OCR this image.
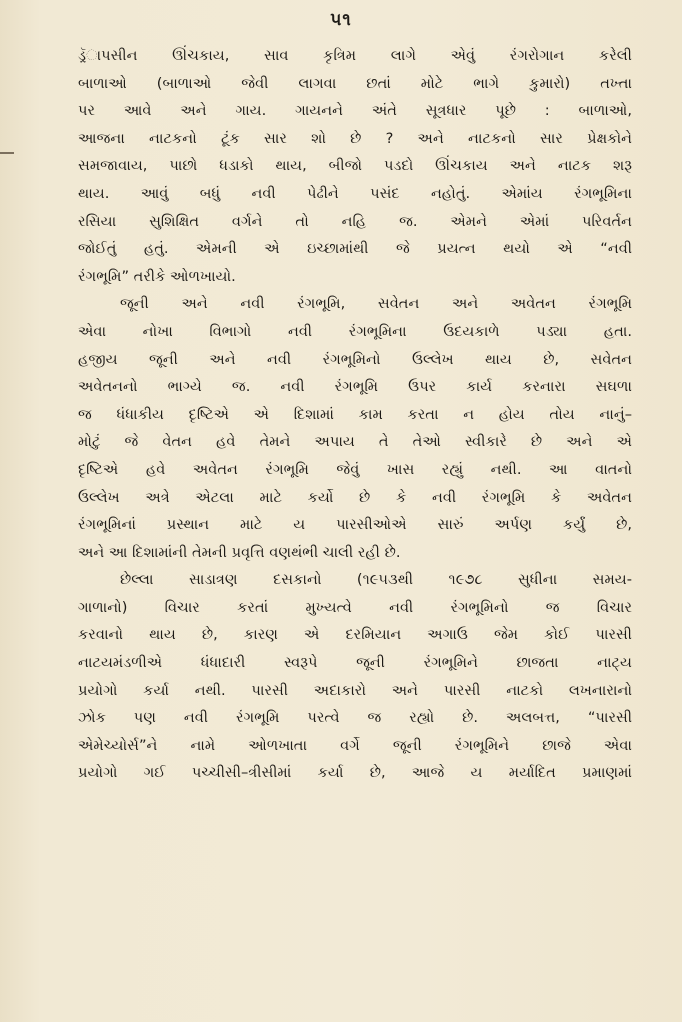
૫૧
ડ્રૅાપસીન ઊંચકાય, સાવ કૃત્રિમ લાગે એવું રંગરોગાન કરેલી
બાળાઓ (બાળાઓ જેવી લાગવા છતાં મોટે ભાગે કુમારો) તખ્તા
પર આવે અને ગાય. ગાયનને અંતે સૂત્રધાર પૂછે : બાળાઓ,
આજના નાટકનો ટૂંક સાર શો છે ? અને નાટકનો સાર પ્રેક્ષકોને
સમજાવાય, પાછો ધડાકો થાય, બીજો પડદો ઊંચકાય અને નાટક શરૂ
થાય. આવું બધું નવી પેઢીને પસંદ નહોતું. એમાંય રંગભૂમિના
રસિયા સુશિક્ષિત વર્ગને તો નહિ જ. એમને એમાં પરિવર્તન
જોઈતું હતું. એમની એ ઇચ્છામાંથી જે પ્રયત્ન થયો એ “નવી
રંગભૂમિ” તરીકે ઓળખાયો.
જૂની અને નવી રંગભૂમિ, સવેતન અને અવેતન રંગભૂમિ
એવા નોખા વિભાગો નવી રંગભૂમિના ઉદયકાળે પડ્યા હતા.
હજીય જૂની અને નવી રંગભૂમિનો ઉલ્લેખ થાય છે, સવેતન
અવેતનનો ભાગ્યે જ. નવી રંગભૂમિ ઉપર કાર્ય કરનારા સઘળા
જ ધંધાકીય દૃષ્ટિએ એ દિશામાં કામ કરતા ન હોય તોય નાનું–
મોટું જે વેતન હવે તેમને અપાય તે તેઓ સ્વીકારે છે અને એ
દૃષ્ટિએ હવે અવેતન રંગભૂમિ જેવું ખાસ રહ્યું નથી. આ વાતનો
ઉલ્લેખ અત્રે એટલા માટે કર્યો છે કે નવી રંગભૂમિ કે અવેતન
રંગભૂમિનાં પ્રસ્થાન માટે ય પારસીઓએ સારું અર્પણ કર્યું છે,
અને આ દિશામાંની તેમની પ્રવૃત્તિ વણથંભી ચાલી રહી છે.
છેલ્લા સાડાત્રણ દસકાનો (૧૯૫૩થી ૧૯૭૮ સુધીના સમય-
ગાળાનો) વિચાર કરતાં મુખ્યત્વે નવી રંગભૂમિનો જ વિચાર
કરવાનો થાય છે, કારણ એ દરમિયાન અગાઉ જેમ કોઈ પારસી
નાટયમંડળીએ ધંધાદારી સ્વરૂપે જૂની રંગભૂમિને છાજતા નાટ્ય
પ્રયોગો કર્યા નથી. પારસી અદાકારો અને પારસી નાટકો લખનારાનો
ઝોક પણ નવી રંગભૂમિ પરત્વે જ રહ્યો છે. અલબત્ત, “પારસી
એમેચ્યોર્સ”ને નામે ઓળખાતા વર્ગે જૂની રંગભૂમિને છાજે એવા
પ્રયોગો ગઈ પચ્ચીસી–ત્રીસીમાં કર્યા છે, આજે ય મર્યાદિત પ્રમાણમાં
